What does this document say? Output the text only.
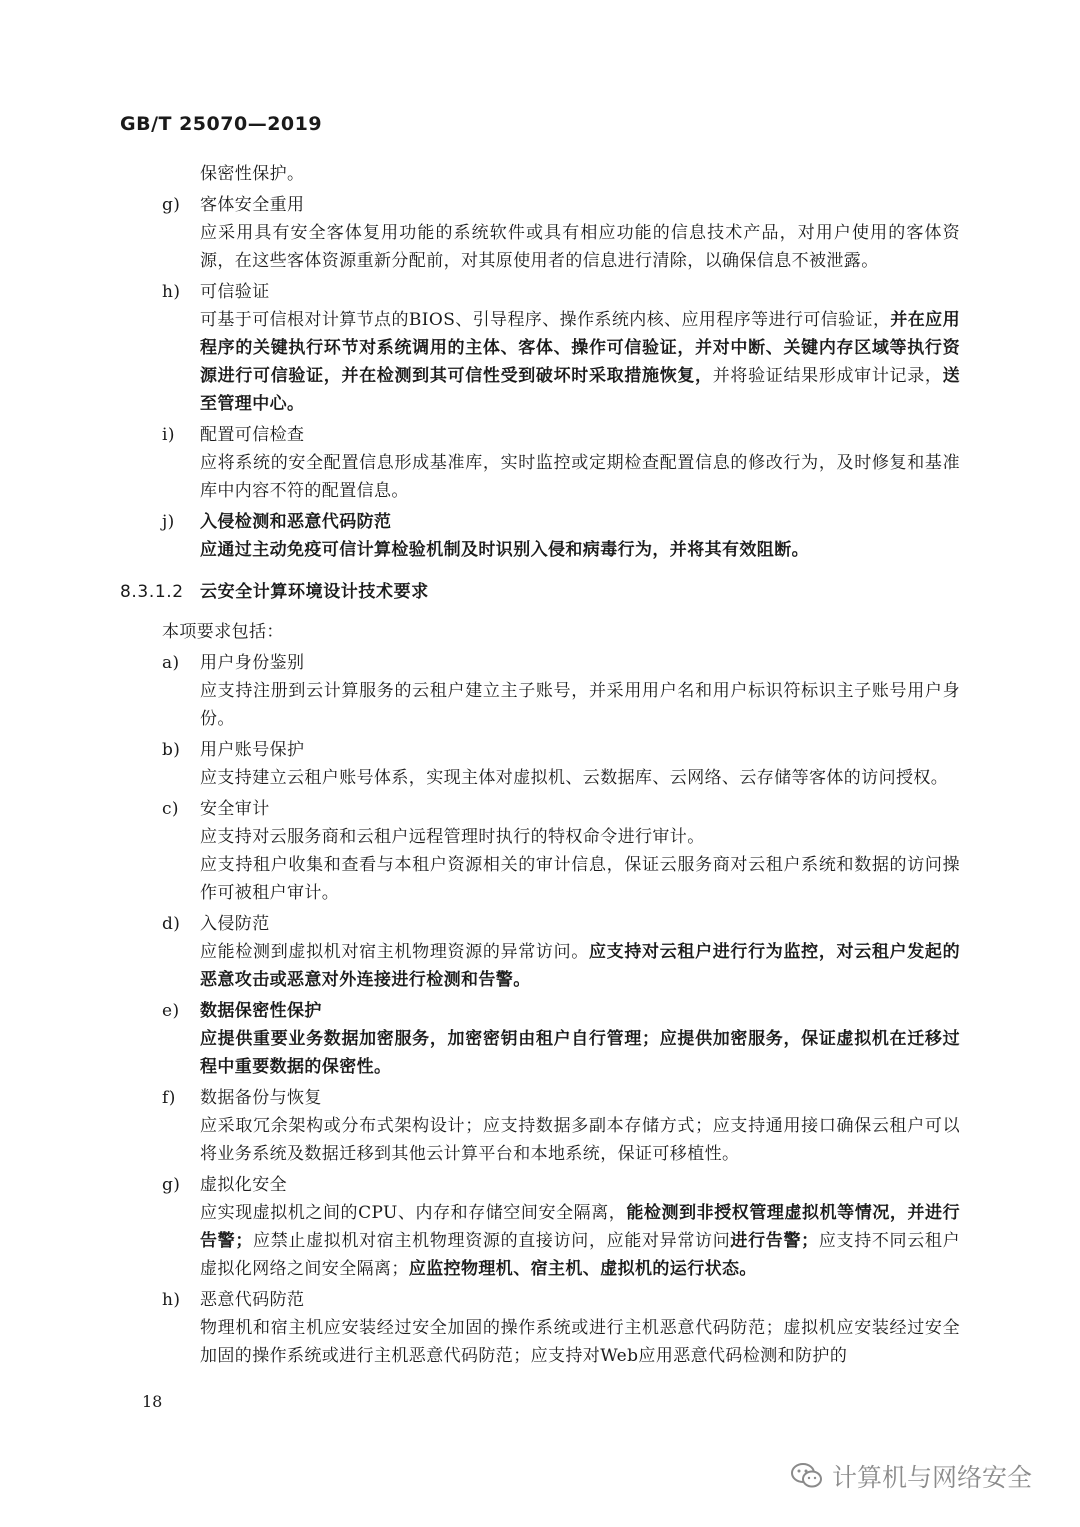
GB/T 25070—2019
保密性保护。
g) 客体安全重用
应采用具有安全客体复用功能的系统软件或具有相应功能的信息技术产品，对用户使用的客体资源，在这些客体资源重新分配前，对其原使用者的信息进行清除，以确保信息不被泄露。
h) 可信验证
可基于可信根对计算节点的BIOS、引导程序、操作系统内核、应用程序等进行可信验证，并在应用程序的关键执行环节对系统调用的主体、客体、操作可信验证，并对中断、关键内存区域等执行资源进行可信验证，并在检测到其可信性受到破坏时采取措施恢复，并将验证结果形成审计记录，送至管理中心。
i) 配置可信检查
应将系统的安全配置信息形成基准库，实时监控或定期检查配置信息的修改行为，及时修复和基准库中内容不符的配置信息。
j) 入侵检测和恶意代码防范
应通过主动免疫可信计算检验机制及时识别入侵和病毒行为，并将其有效阻断。
8.3.1.2 云安全计算环境设计技术要求
本项要求包括：
a) 用户身份鉴别
应支持注册到云计算服务的云租户建立主子账号，并采用用户名和用户标识符标识主子账号用户身份。
b) 用户账号保护
应支持建立云租户账号体系，实现主体对虚拟机、云数据库、云网络、云存储等客体的访问授权。
c) 安全审计
应支持对云服务商和云租户远程管理时执行的特权命令进行审计。
应支持租户收集和查看与本租户资源相关的审计信息，保证云服务商对云租户系统和数据的访问操作可被租户审计。
d) 入侵防范
应能检测到虚拟机对宿主机物理资源的异常访问。应支持对云租户进行行为监控，对云租户发起的恶意攻击或恶意对外连接进行检测和告警。
e) 数据保密性保护
应提供重要业务数据加密服务，加密密钥由租户自行管理；应提供加密服务，保证虚拟机在迁移过程中重要数据的保密性。
f) 数据备份与恢复
应采取冗余架构或分布式架构设计；应支持数据多副本存储方式；应支持通用接口确保云租户可以将业务系统及数据迁移到其他云计算平台和本地系统，保证可移植性。
g) 虚拟化安全
应实现虚拟机之间的CPU、内存和存储空间安全隔离，能检测到非授权管理虚拟机等情况，并进行告警；应禁止虚拟机对宿主机物理资源的直接访问，应能对异常访问进行告警；应支持不同云租户虚拟化网络之间安全隔离；应监控物理机、宿主机、虚拟机的运行状态。
h) 恶意代码防范
物理机和宿主机应安装经过安全加固的操作系统或进行主机恶意代码防范；虚拟机应安装经过安全加固的操作系统或进行主机恶意代码防范；应支持对Web应用恶意代码检测和防护的
18
计算机与网络安全
